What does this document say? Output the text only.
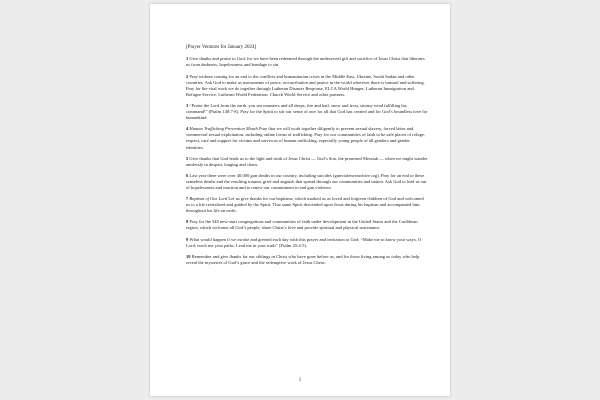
[Prayer Ventures for January 2024]

1 Give thanks and praise to God, for we have been redeemed through the undeserved gift and sacrifice of Jesus Christ that liberates us from darkness, hopelessness and bondage to sin.

2 Pray without ceasing for an end to the conflicts and humanitarian crises in the Middle East, Ukraine, South Sudan and other countries. Ask God to make us instruments of peace, reconciliation and justice in the world wherever there is turmoil and suffering. Pray for the vital work we do together through Lutheran Disaster Response, ELCA World Hunger, Lutheran Immigration and Refugee Service, Lutheran World Federation, Church World Service and other partners.

3 “Praise the Lord from the earth, you sea monsters and all deeps, fire and hail, snow and frost, stormy wind fulfilling his command!” (Psalm 148:7-8). Pray for the Spirit to stir our sense of awe for all that God has created and for God’s boundless love for humankind.

4 Human Trafficking Prevention Month Pray that we will work together diligently to prevent sexual slavery, forced labor and commercial sexual exploitation, including online forms of trafficking. Pray for our communities of faith to be safe places of refuge, respect, care and support for victims and survivors of human trafficking, especially young people of all genders and gender identities.

5 Give thanks that God leads us to the light and truth of Jesus Christ — God’s Son, the promised Messiah — when we might wander aimlessly in despair, longing and chaos.

6 Last year there were over 40,000 gun deaths in our country, including suicides (gunviolencearchive.org). Pray for an end to these senseless deaths and the resulting trauma, grief and anguish that spread through our communities and nation. Ask God to lead us out of hopelessness and inaction and to renew our commitment to end gun violence.

7 Baptism of Our Lord Let us give thanks for our baptisms, which marked us as loved and forgiven children of God and welcomed us to a life revitalized and guided by the Spirit. That same Spirit descended upon Jesus during his baptism and accompanied him throughout his life on earth.

8 Pray for the 340 new-start congregations and communities of faith under development in the United States and the Caribbean region, which welcome all God’s people, share Christ’s love and provide spiritual and physical sustenance.

9 What would happen if we awoke and greeted each day with this prayer and invitation to God: “Make me to know your ways, O Lord; teach me your paths. Lead me in your truth” (Psalm 25:4-5).

10 Remember and give thanks for our siblings in Christ who have gone before us, and for those living among us today who help reveal the mysteries of God’s grace and the redemptive work of Jesus Christ.

1
